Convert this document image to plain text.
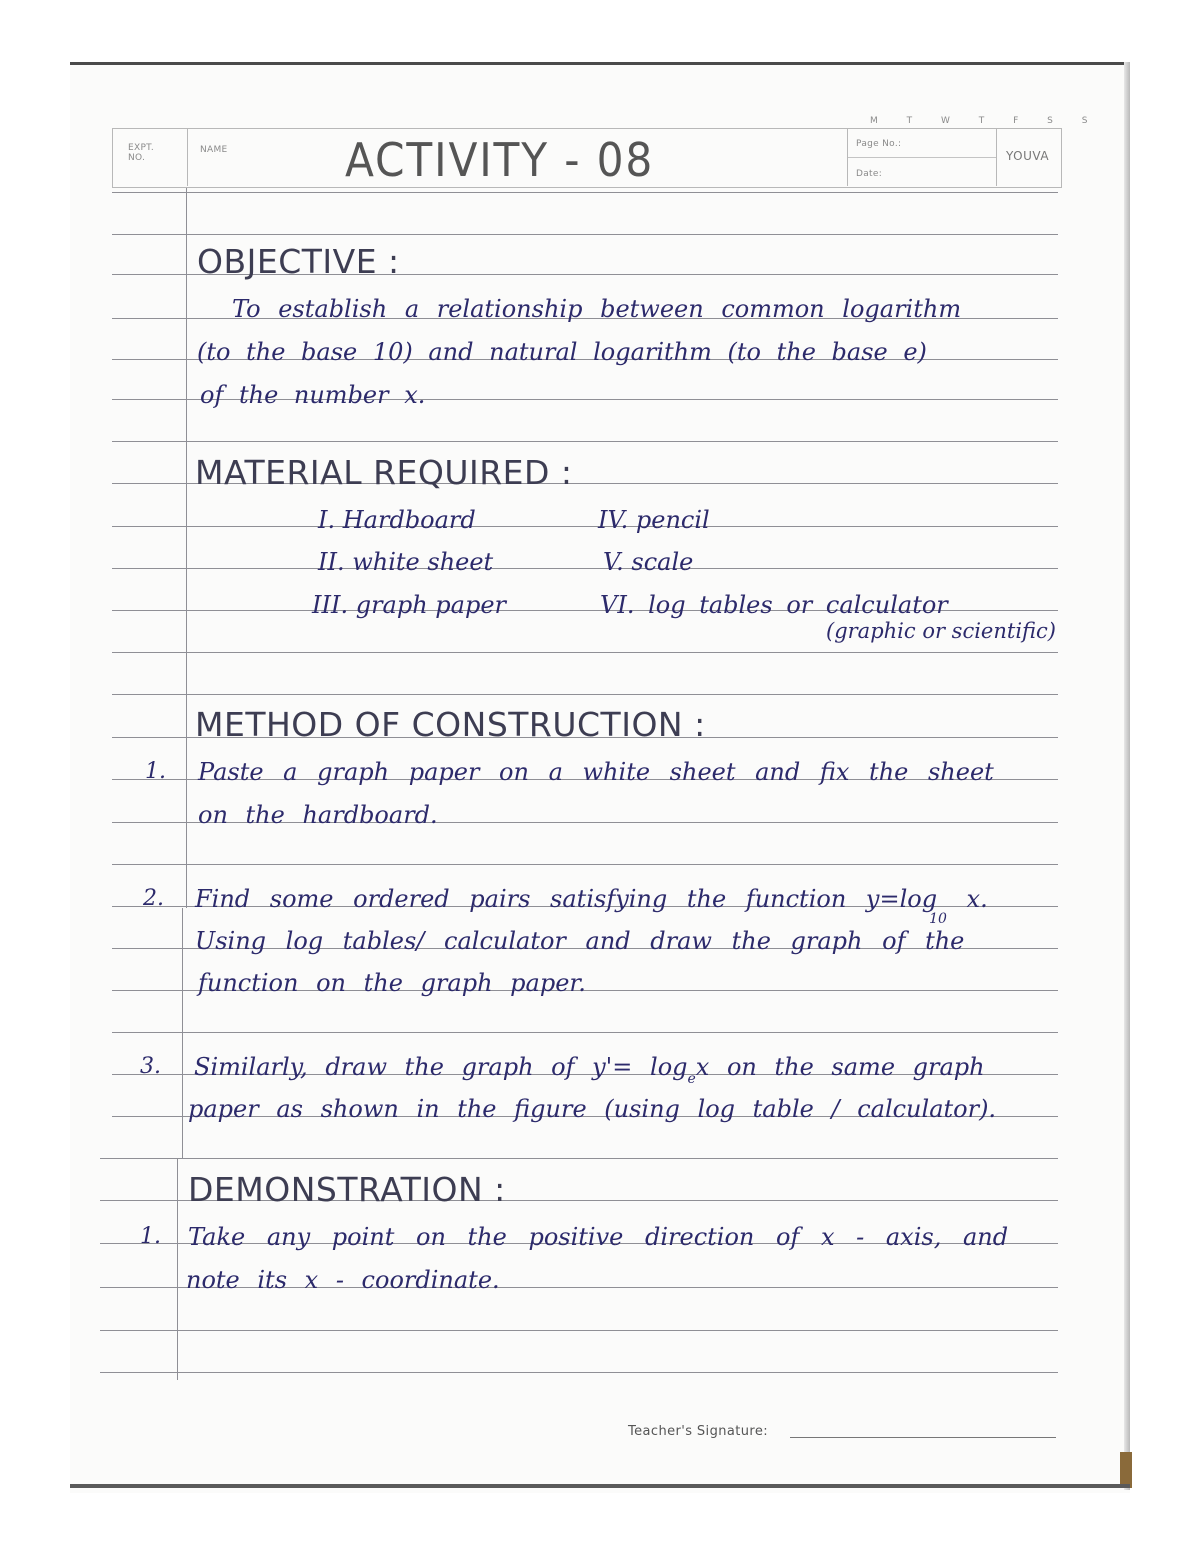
EXPT. NO.
NAME
M T W T F S S
Page No.:
Date:
YOUVA
ACTIVITY - 08
OBJECTIVE :
To establish a relationship between common logarithm
(to the base 10) and natural logarithm (to the base e)
of the number x.
MATERIAL REQUIRED :
I. Hardboard
II. white sheet
III. graph paper
IV. pencil
V. scale
VI. log tables or calculator
(graphic or scientific)
METHOD OF CONSTRUCTION :
1. Paste a graph paper on a white sheet and fix the sheet
on the hardboard.
2. Find some ordered pairs satisfying the function $y=\log_{10}$ x.
Using log tables/ calculator and draw the graph of the
function on the graph paper.
3. Similarly, draw the graph of $y'= \log_ex$ on the same graph
paper as shown in the figure (using log table / calculator).
DEMONSTRATION :
1. Take any point on the positive direction of x - axis, and
note its x - coordinate.
Teacher's Signature:
